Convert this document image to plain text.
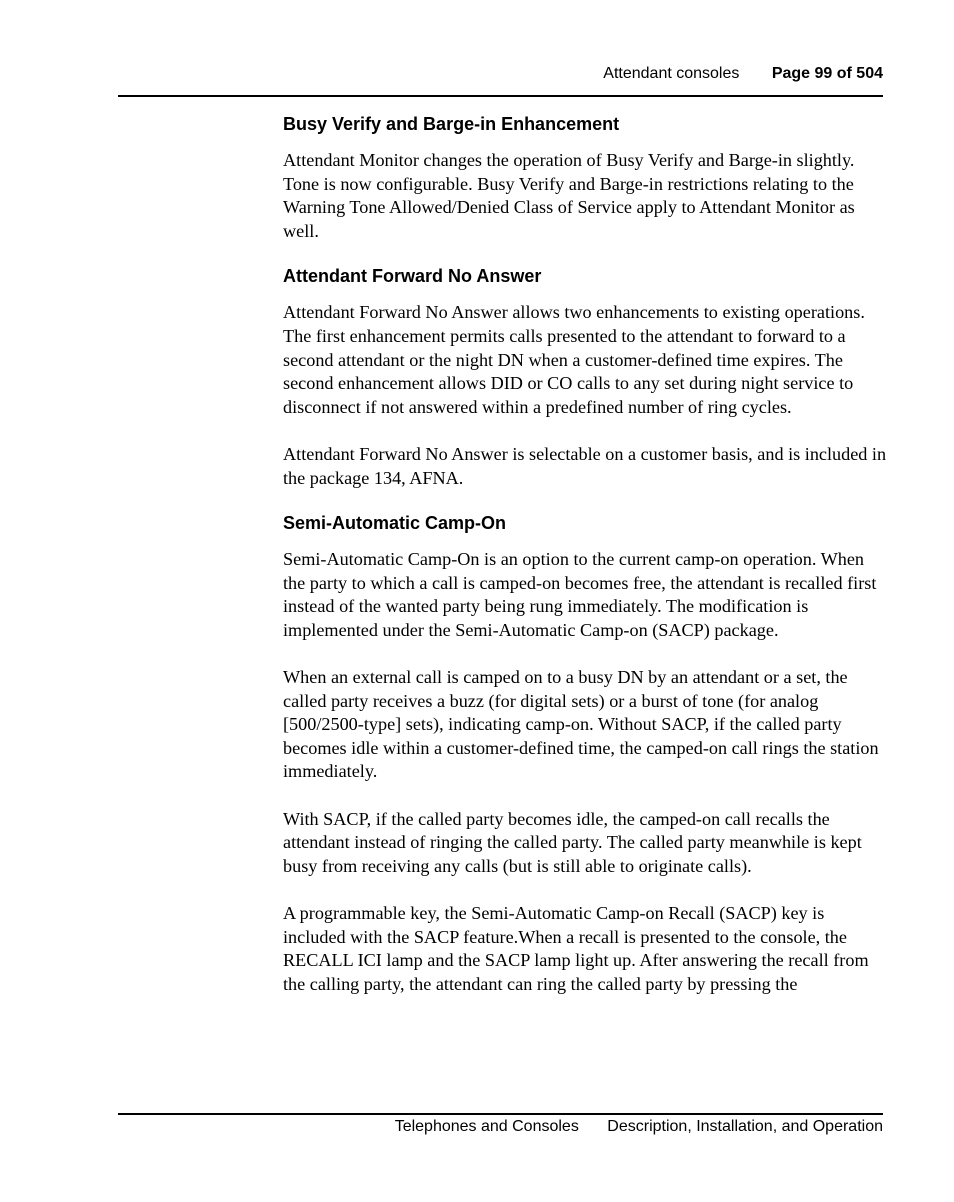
Attendant consoles Page 99 of 504
Busy Verify and Barge-in Enhancement

Attendant Monitor changes the operation of Busy Verify and Barge-in slightly. Tone is now configurable. Busy Verify and Barge-in restrictions relating to the Warning Tone Allowed/Denied Class of Service apply to Attendant Monitor as well.

Attendant Forward No Answer

Attendant Forward No Answer allows two enhancements to existing operations. The first enhancement permits calls presented to the attendant to forward to a second attendant or the night DN when a customer-defined time expires. The second enhancement allows DID or CO calls to any set during night service to disconnect if not answered within a predefined number of ring cycles.

Attendant Forward No Answer is selectable on a customer basis, and is included in the package 134, AFNA.

Semi-Automatic Camp-On

Semi-Automatic Camp-On is an option to the current camp-on operation. When the party to which a call is camped-on becomes free, the attendant is recalled first instead of the wanted party being rung immediately. The modification is implemented under the Semi-Automatic Camp-on (SACP) package.

When an external call is camped on to a busy DN by an attendant or a set, the called party receives a buzz (for digital sets) or a burst of tone (for analog [500/2500-type] sets), indicating camp-on. Without SACP, if the called party becomes idle within a customer-defined time, the camped-on call rings the station immediately.

With SACP, if the called party becomes idle, the camped-on call recalls the attendant instead of ringing the called party. The called party meanwhile is kept busy from receiving any calls (but is still able to originate calls).

A programmable key, the Semi-Automatic Camp-on Recall (SACP) key is included with the SACP feature.When a recall is presented to the console, the RECALL ICI lamp and the SACP lamp light up. After answering the recall from the calling party, the attendant can ring the called party by pressing the

Telephones and Consoles Description, Installation, and Operation
